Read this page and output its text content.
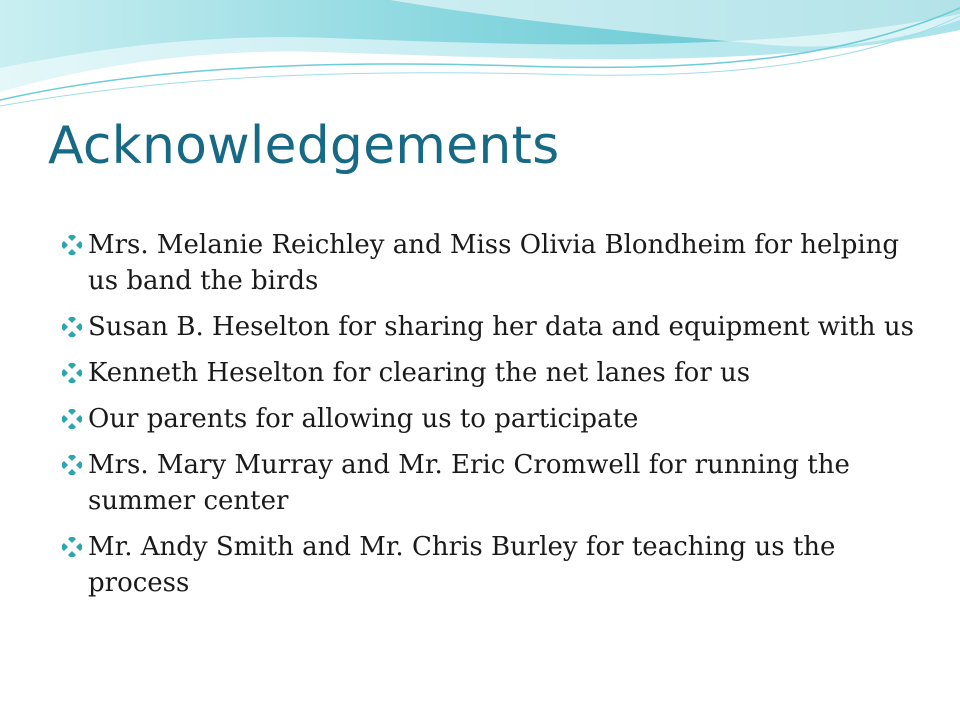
Acknowledgements
Mrs. Melanie Reichley and Miss Olivia Blondheim for helping us band the birds
Susan B. Heselton for sharing her data and equipment with us
Kenneth Heselton for clearing the net lanes for us
Our parents for allowing us to participate
Mrs. Mary Murray and Mr. Eric Cromwell for running the summer center
Mr. Andy Smith and Mr. Chris Burley for teaching us the process
